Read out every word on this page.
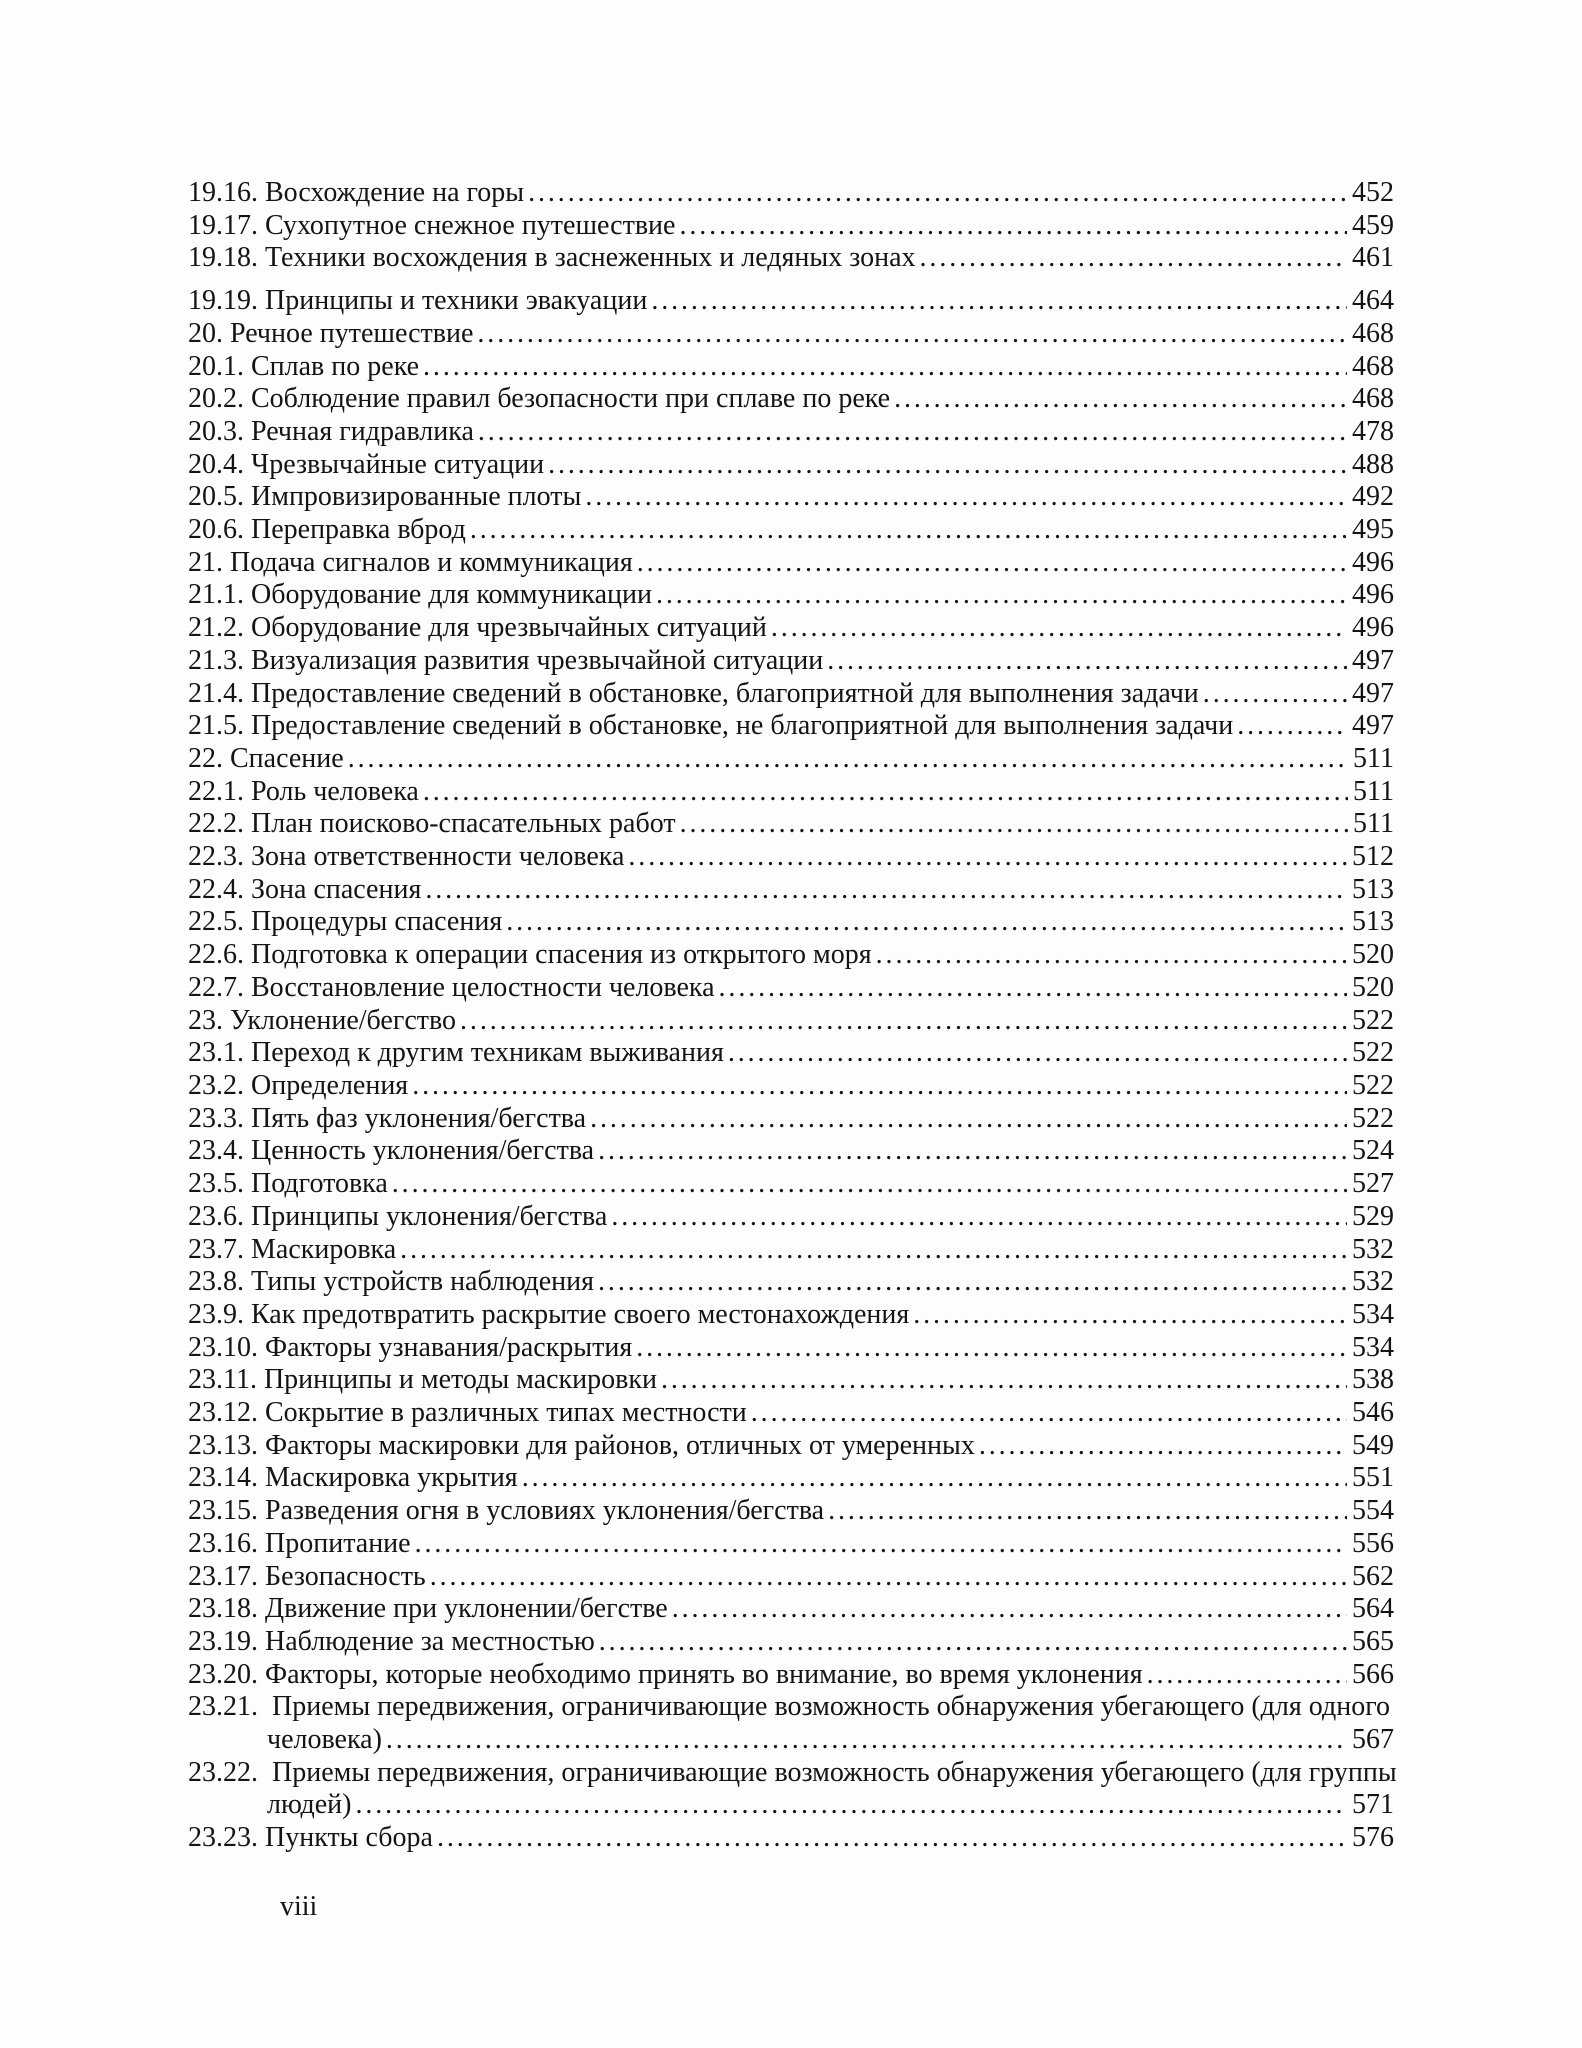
19.16. Восхождение на горы .....	452
19.17. Сухопутное снежное путешествие .....	459
19.18. Техники восхождения в заснеженных и ледяных зонах .....	461
19.19. Принципы и техники эвакуации .....	464
20. Речное путешествие .....	468
20.1. Сплав по реке .....	468
20.2. Соблюдение правил безопасности при сплаве по реке .....	468
20.3. Речная гидравлика .....	478
20.4. Чрезвычайные ситуации .....	488
20.5. Импровизированные плоты .....	492
20.6. Переправка вброд .....	495
21. Подача сигналов и коммуникация .....	496
21.1. Оборудование для коммуникации .....	496
21.2. Оборудование для чрезвычайных ситуаций .....	496
21.3. Визуализация развития чрезвычайной ситуации .....	497
21.4. Предоставление сведений в обстановке, благоприятной для выполнения задачи .....	497
21.5. Предоставление сведений в обстановке, не благоприятной для выполнения задачи .....	497
22. Спасение .....	511
22.1. Роль человека .....	511
22.2. План поисково-спасательных работ .....	511
22.3. Зона ответственности человека .....	512
22.4. Зона спасения .....	513
22.5. Процедуры спасения .....	513
22.6. Подготовка к операции спасения из открытого моря .....	520
22.7. Восстановление целостности человека .....	520
23. Уклонение/бегство .....	522
23.1. Переход к другим техникам выживания .....	522
23.2. Определения .....	522
23.3. Пять фаз уклонения/бегства .....	522
23.4. Ценность уклонения/бегства .....	524
23.5. Подготовка .....	527
23.6. Принципы уклонения/бегства .....	529
23.7. Маскировка .....	532
23.8. Типы устройств наблюдения .....	532
23.9. Как предотвратить раскрытие своего местонахождения .....	534
23.10. Факторы узнавания/раскрытия .....	534
23.11. Принципы и методы маскировки .....	538
23.12. Сокрытие в различных типах местности .....	546
23.13. Факторы маскировки для районов, отличных от умеренных .....	549
23.14. Маскировка укрытия .....	551
23.15. Разведения огня в условиях уклонения/бегства .....	554
23.16. Пропитание .....	556
23.17. Безопасность .....	562
23.18. Движение при уклонении/бегстве .....	564
23.19. Наблюдение за местностью .....	565
23.20. Факторы, которые необходимо принять во внимание, во время уклонения .....	566
23.21.  Приемы передвижения, ограничивающие возможность обнаружения убегающего (для одного
человека) .....	567
23.22.  Приемы передвижения, ограничивающие возможность обнаружения убегающего (для группы
людей) .....	571
23.23. Пункты сбора .....	576
viii
